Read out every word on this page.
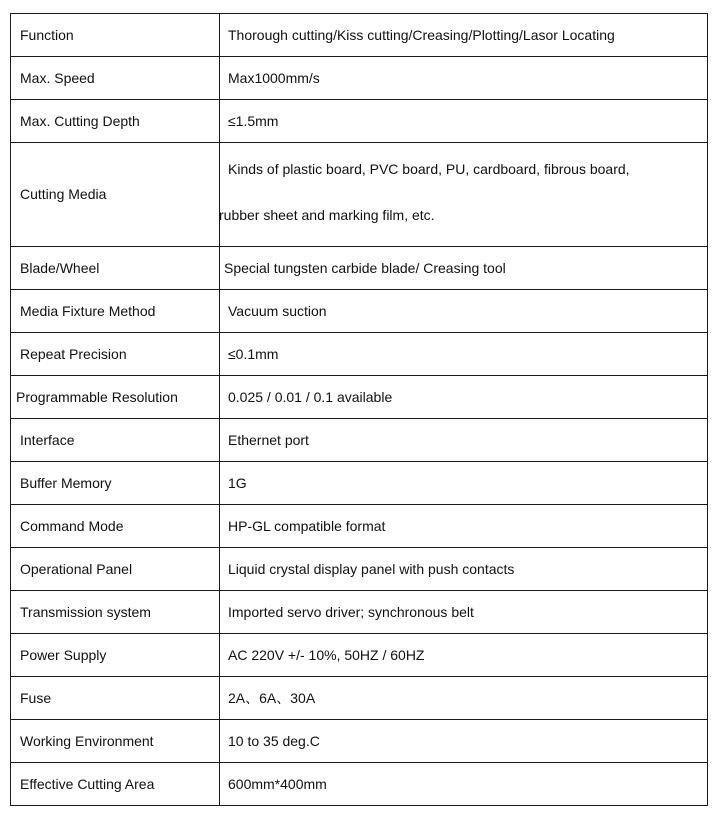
Function	Thorough cutting/Kiss cutting/Creasing/Plotting/Lasor Locating
Max. Speed	Max1000mm/s
Max. Cutting Depth	≤1.5mm
Cutting Media	Kinds of plastic board, PVC board, PU, cardboard, fibrous board,
rubber sheet and marking film, etc.

Blade/Wheel	Special tungsten carbide blade/ Creasing tool
Media Fixture Method	Vacuum suction
Repeat Precision	≤0.1mm
Programmable Resolution	0.025 / 0.01 / 0.1 available
Interface	Ethernet port
Buffer Memory	1G
Command Mode	HP-GL compatible format
Operational Panel	Liquid crystal display panel with push contacts
Transmission system	Imported servo driver; synchronous belt
Power Supply	AC 220V +/- 10%, 50HZ / 60HZ
Fuse	2A、6A、30A
Working Environment	10 to 35 deg.C
Effective Cutting Area	600mm*400mm
